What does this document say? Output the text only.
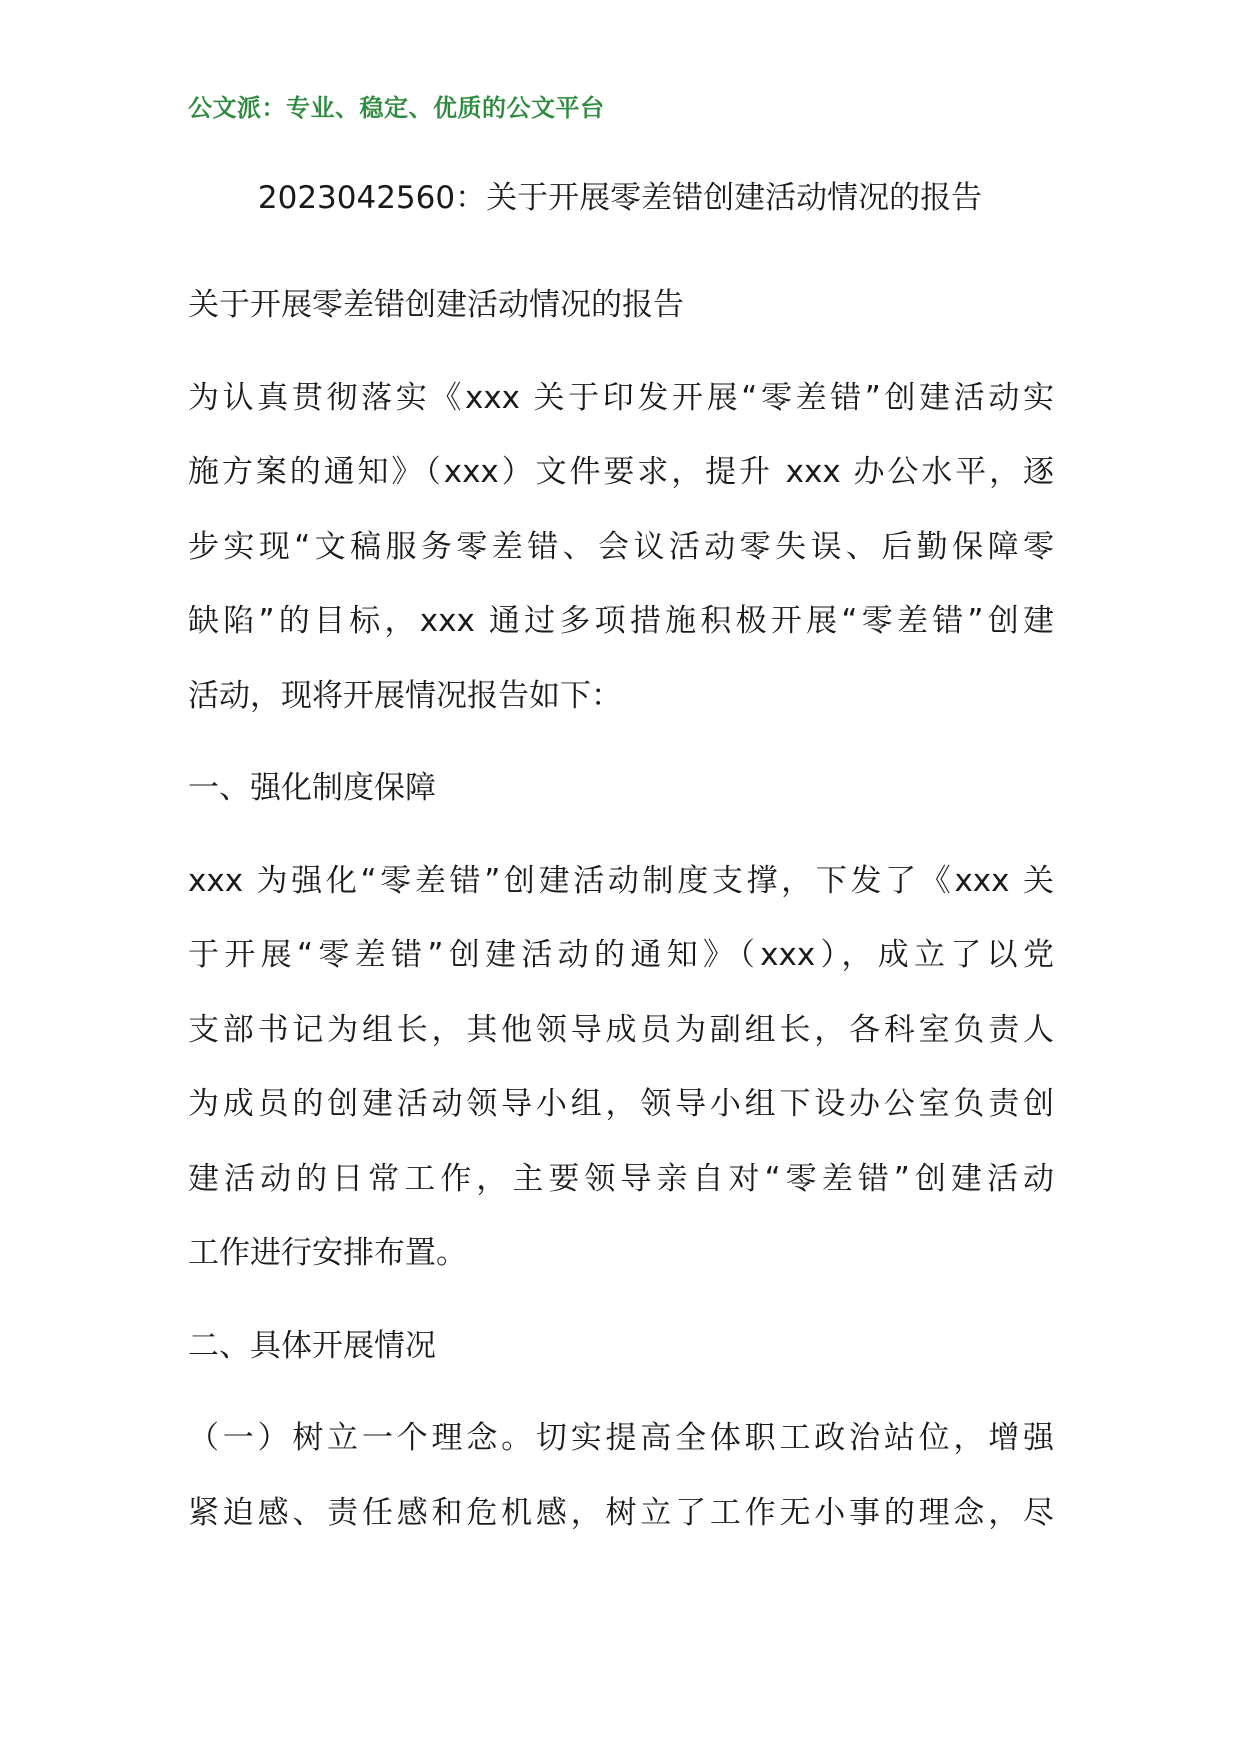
公文派：专业、稳定、优质的公文平台
2023042560：关于开展零差错创建活动情况的报告
关于开展零差错创建活动情况的报告
为认真贯彻落实《xxx 关于印发开展“零差错”创建活动实
施方案的通知》（xxx）文件要求，提升 xxx 办公水平，逐
步实现“文稿服务零差错、会议活动零失误、后勤保障零
缺陷”的目标，xxx 通过多项措施积极开展“零差错”创建
活动，现将开展情况报告如下：
一、强化制度保障
xxx 为强化“零差错”创建活动制度支撑，下发了《xxx 关
于开展“零差错”创建活动的通知》（xxx），成立了以党
支部书记为组长，其他领导成员为副组长，各科室负责人
为成员的创建活动领导小组，领导小组下设办公室负责创
建活动的日常工作，主要领导亲自对“零差错”创建活动
工作进行安排布置。
二、具体开展情况
（一）树立一个理念。切实提高全体职工政治站位，增强
紧迫感、责任感和危机感，树立了工作无小事的理念，尽
